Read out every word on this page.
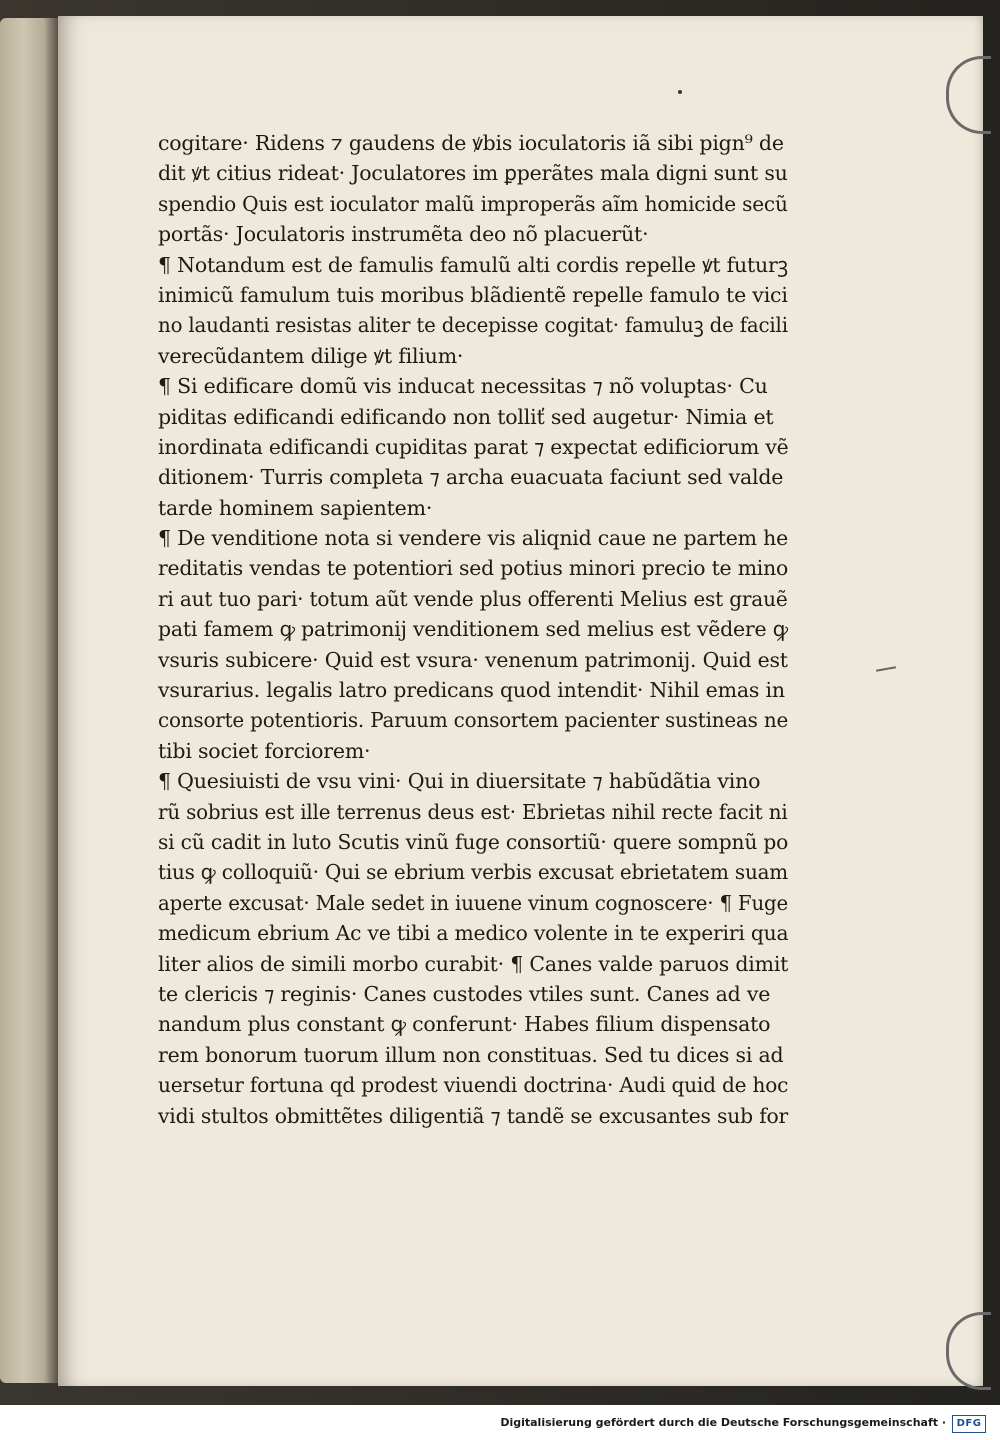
cogitare· Ridens ⁊ gaudens de ꝟbis ioculatoris iã sibi pign⁹ de
dit ꝟt citius rideat· Joculatores im ꝑperãtes mala digni sunt su
spendio Quis est ioculator malũ improperãs aĩm homicide secũ
portãs· Joculatoris instrumẽta deo nõ placuerũt·
¶ Notandum est de famulis famulũ alti cordis repelle ꝟt futurꝫ
inimicũ famulum tuis moribus blãdientẽ repelle famulo te vici
no laudanti resistas aliter te decepisse cogitat· famuluꝫ de facili
verecũdantem dilige ꝟt filium·
¶ Si edificare domũ vis inducat necessitas ⁊ nõ voluptas· Cu
piditas edificandi edificando non tolliť sed augetur· Nimia et
inordinata edificandi cupiditas parat ⁊ expectat edificiorum vẽ
ditionem· Turris completa ⁊ archa euacuata faciunt sed valde
tarde hominem sapientem·
¶ De venditione nota si vendere vis aliqnid caue ne partem he
reditatis vendas te potentiori sed potius minori precio te mino
ri aut tuo pari· totum aũt vende plus offerenti Melius est grauẽ
pati famem ꝙ patrimonij venditionem sed melius est vẽdere ꝙ
vsuris subicere· Quid est vsura· venenum patrimonij. Quid est
vsurarius. legalis latro predicans quod intendit· Nihil emas in
consorte potentioris. Paruum consortem pacienter sustineas ne
tibi societ forciorem·
¶ Quesiuisti de vsu vini· Qui in diuersitate ⁊ habũdãtia vino
rũ sobrius est ille terrenus deus est· Ebrietas nihil recte facit ni
si cũ cadit in luto Scutis vinũ fuge consortiũ· quere sompnũ po
tius ꝙ colloquiũ· Qui se ebrium verbis excusat ebrietatem suam
aperte excusat· Male sedet in iuuene vinum cognoscere· ¶ Fuge
medicum ebrium Ac ve tibi a medico volente in te experiri qua
liter alios de simili morbo curabit· ¶ Canes valde paruos dimit
te clericis ⁊ reginis· Canes custodes vtiles sunt. Canes ad ve
nandum plus constant ꝙ conferunt· Habes filium dispensato
rem bonorum tuorum illum non constituas. Sed tu dices si ad
uersetur fortuna qd prodest viuendi doctrina· Audi quid de hoc
vidi stultos obmittẽtes diligentiã ⁊ tandẽ se excusantes sub for
Digitalisierung gefördert durch die Deutsche Forschungsgemeinschaft ·	DFG
